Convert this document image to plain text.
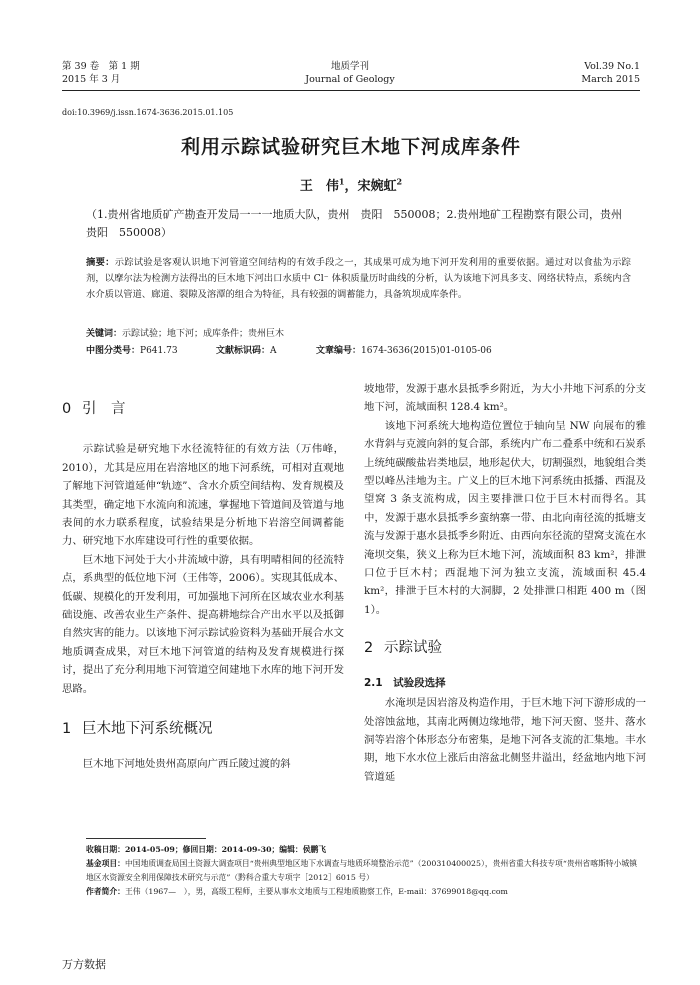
第 39 卷　第 1 期
2015 年 3 月
地质学刊
Journal of Geology
Vol.39 No.1
March 2015
doi:10.3969/j.issn.1674-3636.2015.01.105
利用示踪试验研究巨木地下河成库条件
王　伟$^1$，宋婉虹$^2$
（1.贵州省地质矿产勘查开发局一一一地质大队，贵州　贵阳　550008；2.贵州地矿工程勘察有限公司，贵州　贵阳　550008）
摘要：示踪试验是客观认识地下河管道空间结构的有效手段之一，其成果可成为地下河开发利用的重要依据。通过对以食盐为示踪剂，以摩尔法为检测方法得出的巨木地下河出口水质中 Cl⁻ 体积质量历时曲线的分析，认为该地下河具多支、网络状特点，系统内含水介质以管道、廊道、裂隙及溶潭的组合为特征，具有较强的调蓄能力，具备筑坝成库条件。
关键词：示踪试验；地下河；成库条件；贵州巨木
中图分类号：P641.73	文献标识码：A	文章编号：1674-3636(2015)01-0105-06
0 引　言

示踪试验是研究地下水径流特征的有效方法（万伟峰，2010），尤其是应用在岩溶地区的地下河系统，可相对直观地了解地下河管道延伸“轨迹”、含水介质空间结构、发育规模及其类型，确定地下水流向和流速，掌握地下管道间及管道与地表间的水力联系程度，试验结果是分析地下岩溶空间调蓄能力、研究地下水库建设可行性的重要依据。

巨木地下河处于大小井流域中游，具有明晴相间的径流特点，系典型的低位地下河（王伟等，2006）。实现其低成本、低碳、规模化的开发利用，可加强地下河所在区域农业水利基础设施、改善农业生产条件、提高耕地综合产出水平以及抵御自然灾害的能力。以该地下河示踪试验资料为基础开展合水文地质调查成果，对巨木地下河管道的结构及发育规模进行探讨，提出了充分利用地下河管道空间建地下水库的地下河开发思路。

1 巨木地下河系统概况

巨木地下河地处贵州高原向广西丘陵过渡的斜

坡地带，发源于惠水县抵季乡附近，为大小井地下河系的分支地下河，流域面积 128.4 km²。

该地下河系统大地构造位置位于轴向呈 NW 向展布的雅水背斜与克渡向斜的复合部，系统内广布二叠系中统和石炭系上统纯碳酸盐岩类地层，地形起伏大，切割强烈，地貌组合类型以峰丛洼地为主。广义上的巨木地下河系统由抵播、西混及望窝 3 条支流构成，因主要排泄口位于巨木村而得名。其中，发源于惠水县抵季乡蛮纳寨一带、由北向南径流的抵塘支流与发源于惠水县抵季乡附近、由西向东径流的望窝支流在水淹坝交集，狭义上称为巨木地下河，流域面积 83 km²，排泄口位于巨木村；西混地下河为独立支流，流域面积 45.4 km²，排泄于巨木村的大洞脚，2 处排泄口相距 400 m（图 1）。

2 示踪试验
2.1　试验段选择

水淹坝是因岩溶及构造作用，于巨木地下河下游形成的一处溶蚀盆地，其南北两侧边缘地带，地下河天窗、竖井、落水洞等岩溶个体形态分布密集，是地下河各支流的汇集地。丰水期，地下水水位上涨后由溶盆北侧竖井溢出，经盆地内地下河管道延

收稿日期：2014-05-09；修回日期：2014-09-30；编辑：侯鹏飞
基金项目：中国地质调查局国土资源大调查项目“贵州典型地区地下水调查与地质环境整治示范”（200310400025），贵州省重大科技专项“贵州省喀斯特小城镇地区水资源安全利用保障技术研究与示范”（黔科合重大专项字［2012］6015 号）
作者简介：王伟（1967—　），男，高级工程师，主要从事水文地质与工程地质勘察工作，E-mail：37699018@qq.com
万方数据
